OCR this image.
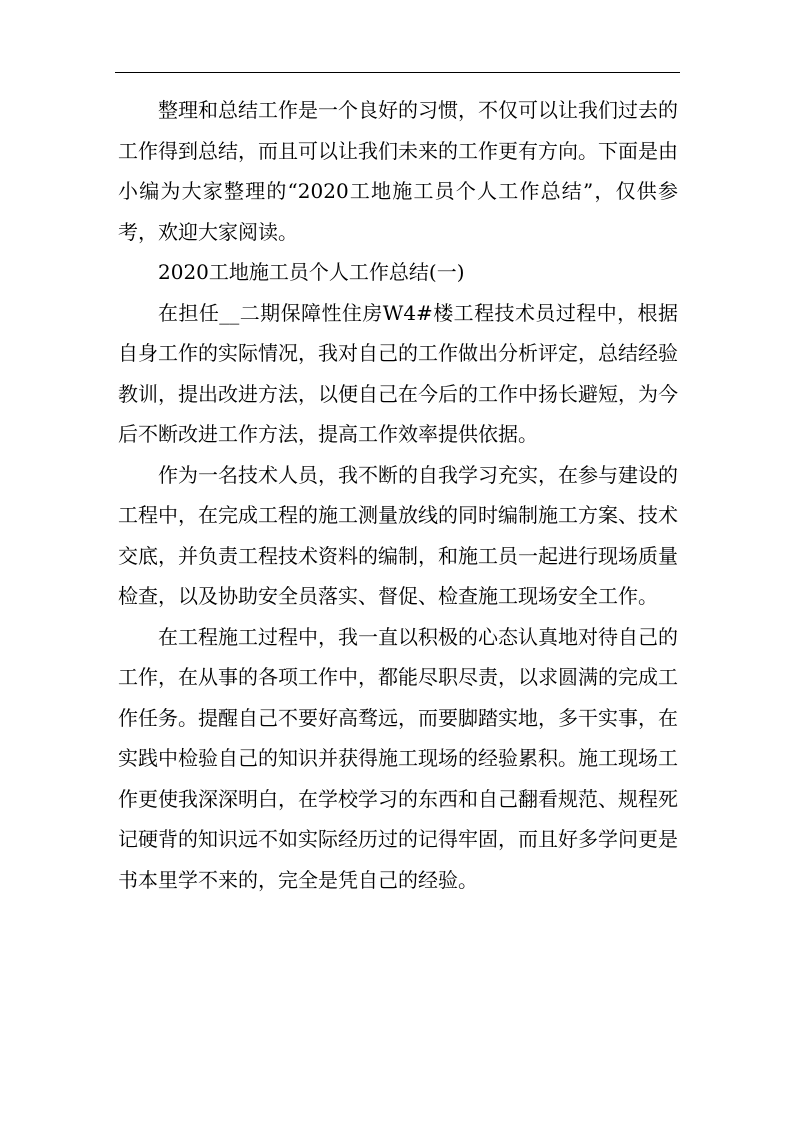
整理和总结工作是一个良好的习惯，不仅可以让我们过去的工作得到总结，而且可以让我们未来的工作更有方向。下面是由小编为大家整理的“2020工地施工员个人工作总结”，仅供参考，欢迎大家阅读。

2020工地施工员个人工作总结(一)

在担任__二期保障性住房W4#楼工程技术员过程中，根据自身工作的实际情况，我对自己的工作做出分析评定，总结经验教训，提出改进方法，以便自己在今后的工作中扬长避短，为今后不断改进工作方法，提高工作效率提供依据。

作为一名技术人员，我不断的自我学习充实，在参与建设的工程中，在完成工程的施工测量放线的同时编制施工方案、技术交底，并负责工程技术资料的编制，和施工员一起进行现场质量检查，以及协助安全员落实、督促、检查施工现场安全工作。

在工程施工过程中，我一直以积极的心态认真地对待自己的工作，在从事的各项工作中，都能尽职尽责，以求圆满的完成工作任务。提醒自己不要好高骛远，而要脚踏实地，多干实事，在实践中检验自己的知识并获得施工现场的经验累积。施工现场工作更使我深深明白，在学校学习的东西和自己翻看规范、规程死记硬背的知识远不如实际经历过的记得牢固，而且好多学问更是书本里学不来的，完全是凭自己的经验。
